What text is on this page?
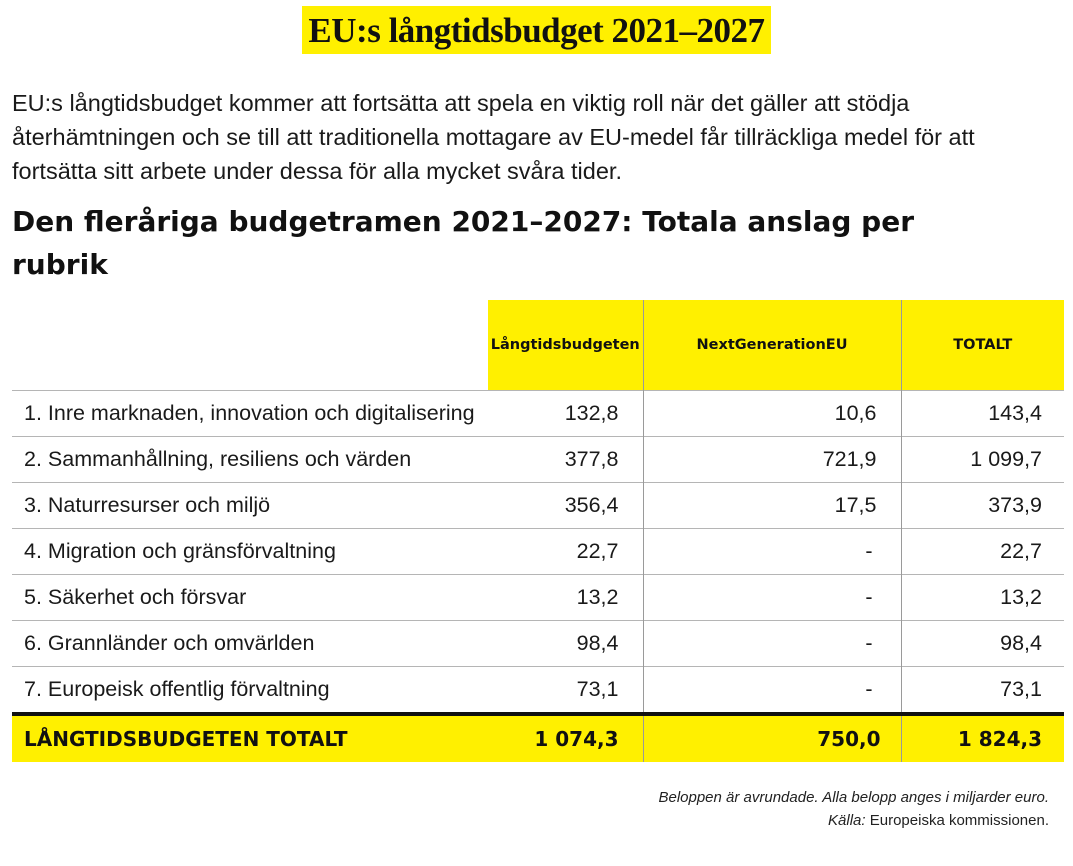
EU:s långtidsbudget 2021–2027

EU:s långtidsbudget kommer att fortsätta att spela en viktig roll när det gäller att stödja återhämtningen och se till att traditionella mottagare av EU-medel får tillräckliga medel för att fortsätta sitt arbete under dessa för alla mycket svåra tider.

Den fleråriga budgetramen 2021–2027: Totala anslag per rubrik
	Långtidsbudgeten	NextGenerationEU	TOTALT
1. Inre marknaden, innovation och digitalisering	132,8	10,6	143,4
2. Sammanhållning, resiliens och värden	377,8	721,9	1 099,7
3. Naturresurser och miljö	356,4	17,5	373,9
4. Migration och gränsförvaltning	22,7	-	22,7
5. Säkerhet och försvar	13,2	-	13,2
6. Grannländer och omvärlden	98,4	-	98,4
7. Europeisk offentlig förvaltning	73,1	-	73,1
LÅNGTIDSBUDGETEN TOTALT	1 074,3	750,0	1 824,3
Beloppen är avrundade. Alla belopp anges i miljarder euro.
Källa: Europeiska kommissionen.
